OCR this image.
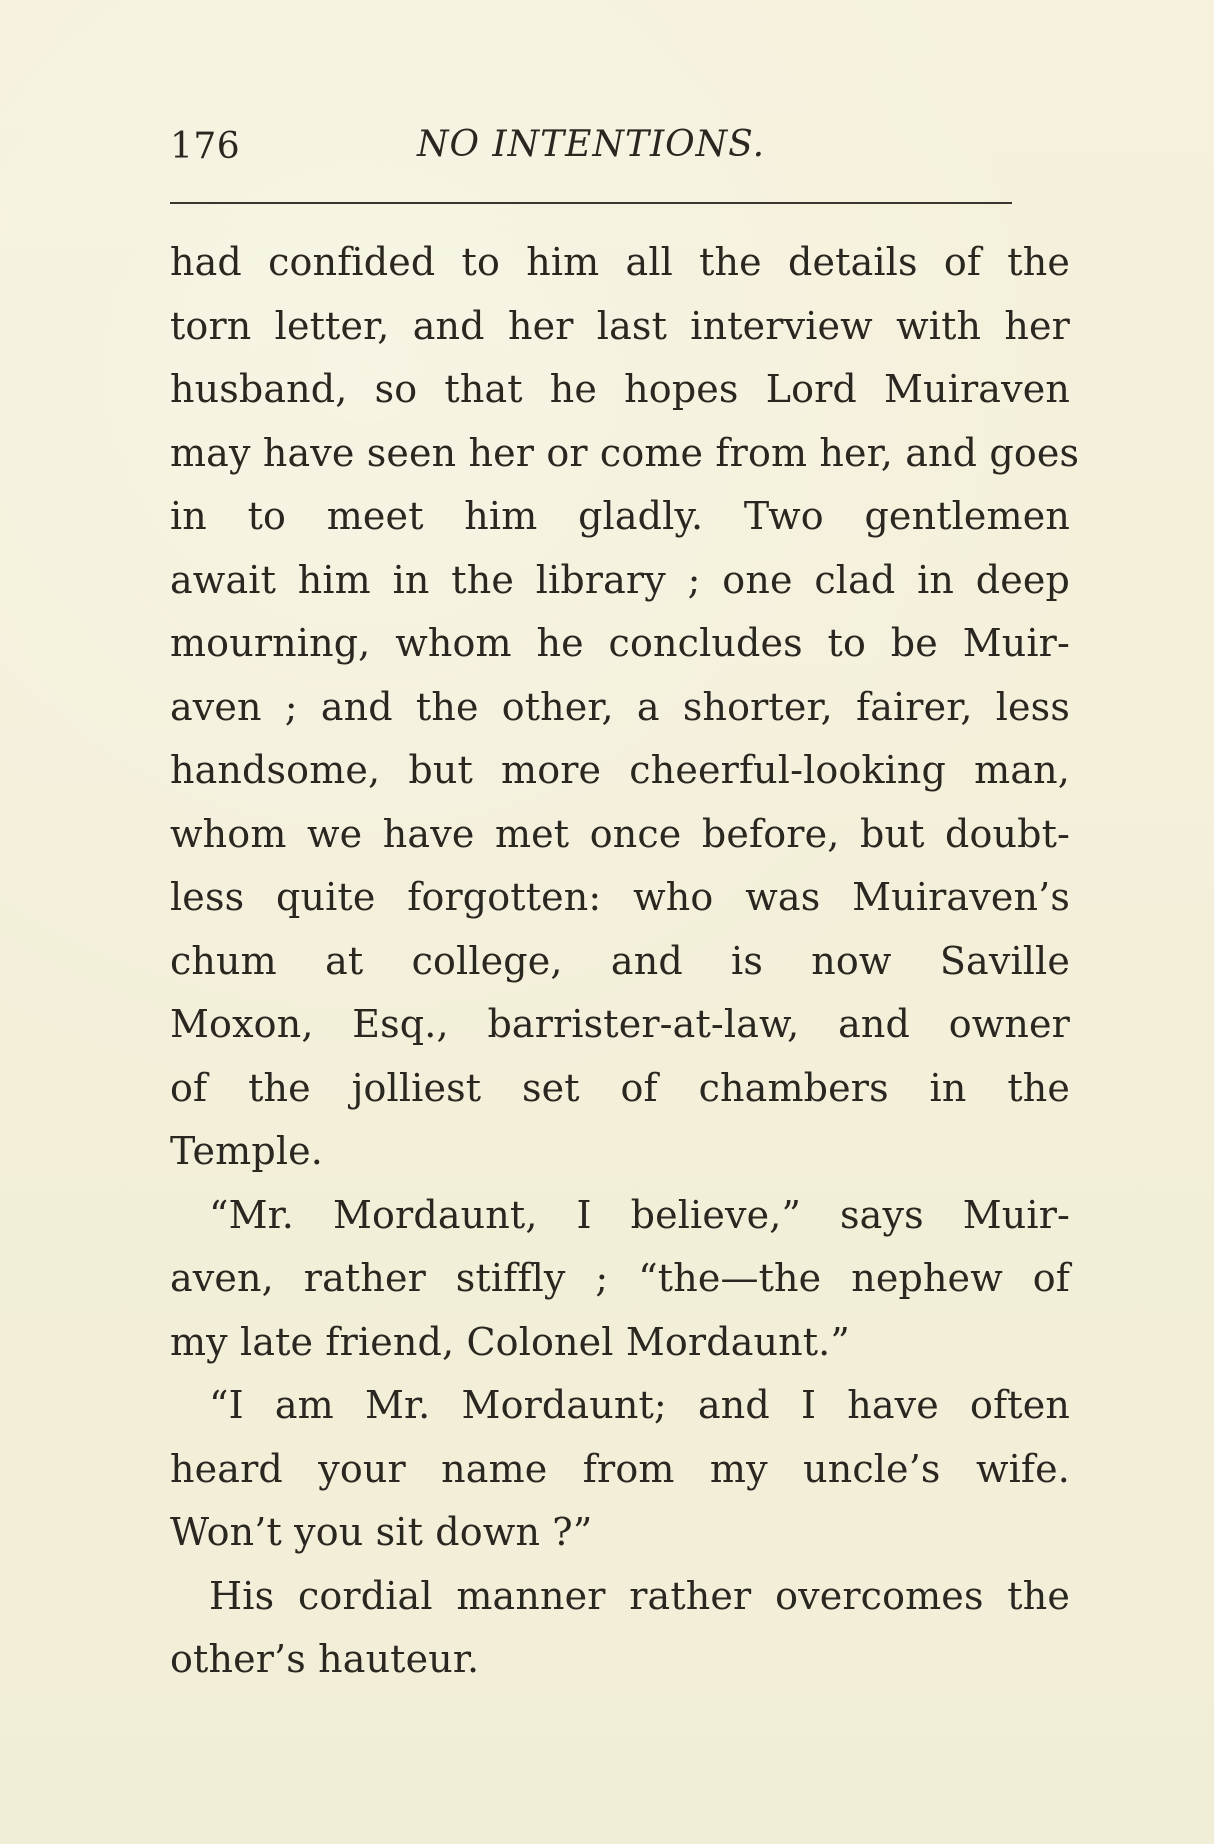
176	NO INTENTIONS.
had confided to him all the details of the
torn letter, and her last interview with her
husband, so that he hopes Lord Muiraven
may have seen her or come from her, and goes
in to meet him gladly. Two gentlemen
await him in the library ; one clad in deep
mourning, whom he concludes to be Muir-
aven ; and the other, a shorter, fairer, less
handsome, but more cheerful-looking man,
whom we have met once before, but doubt-
less quite forgotten: who was Muiraven’s
chum at college, and is now Saville
Moxon, Esq., barrister-at-law, and owner
of the jolliest set of chambers in the
Temple.
“Mr. Mordaunt, I believe,” says Muir-
aven, rather stiffly ; “the—the nephew of
my late friend, Colonel Mordaunt.”
“I am Mr. Mordaunt; and I have often
heard your name from my uncle’s wife.
Won’t you sit down ?”
His cordial manner rather overcomes the
other’s hauteur.
